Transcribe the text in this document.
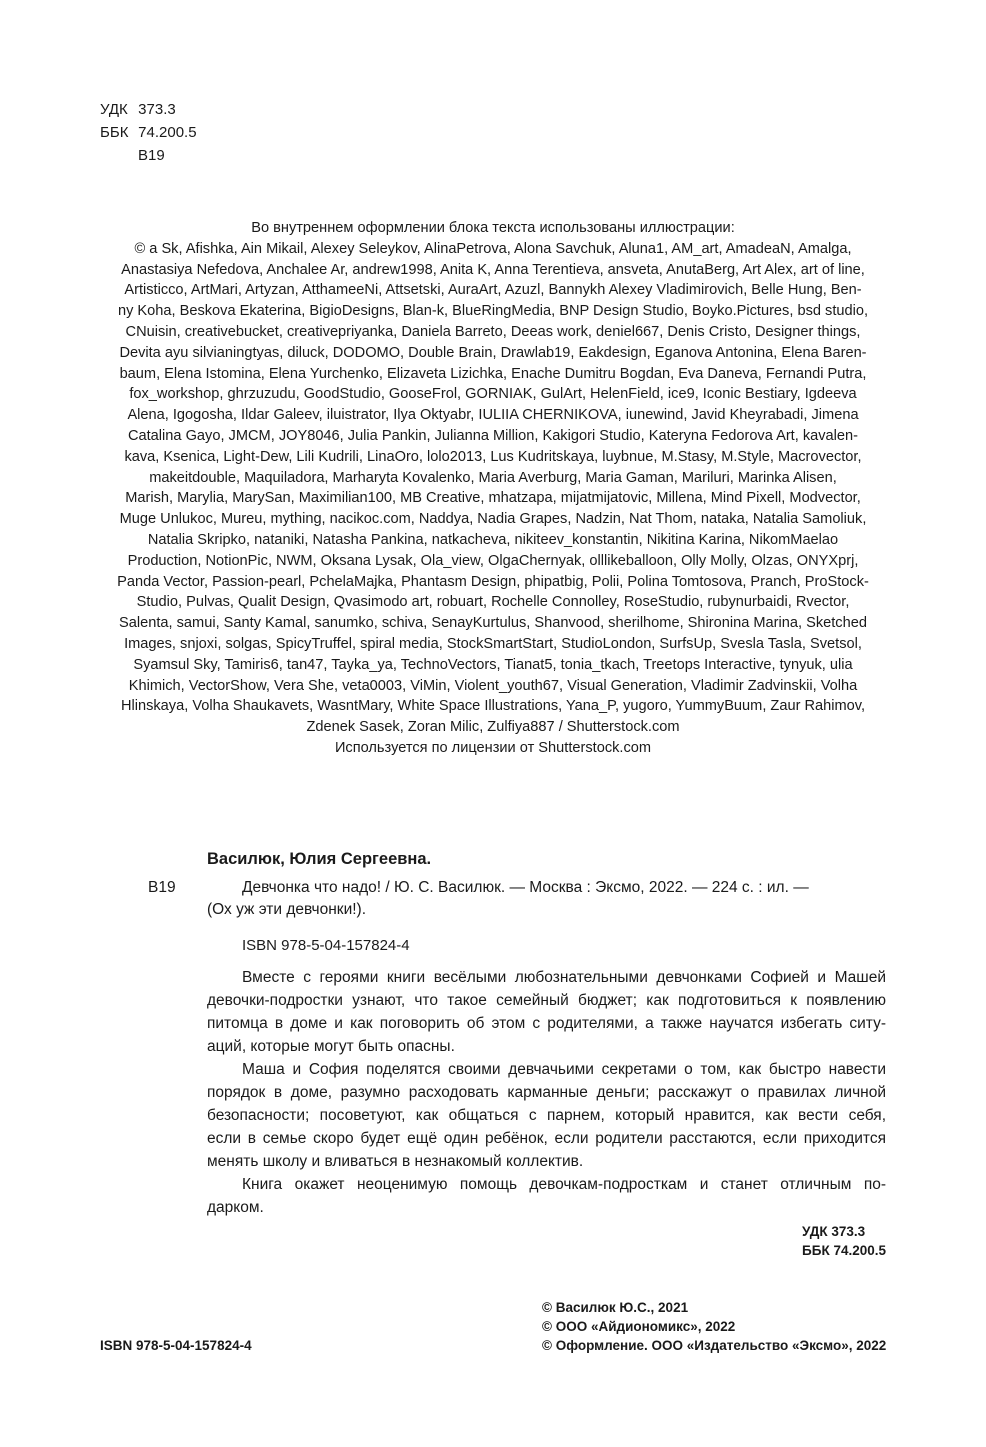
УДК 373.3
ББК 74.200.5
В19
Во внутреннем оформлении блока текста использованы иллюстрации:
© a Sk, Afishka, Ain Mikail, Alexey Seleykov, AlinaPetrova, Alona Savchuk, Aluna1, AM_art, AmadeaN, Amalga,
Anastasiya Nefedova, Anchalee Ar, andrew1998, Anita K, Anna Terentieva, ansveta, AnutaBerg, Art Alex, art of line,
Artisticco, ArtMari, Artyzan, AtthameeNi, Attsetski, AuraArt, Azuzl, Bannykh Alexey Vladimirovich, Belle Hung, Ben-
ny Koha, Beskova Ekaterina, BigioDesigns, Blan-k, BlueRingMedia, BNP Design Studio, Boyko.Pictures, bsd studio,
CNuisin, creativebucket, creativepriyanka, Daniela Barreto, Deeas work, deniel667, Denis Cristo, Designer things,
Devita ayu silvianingtyas, diluck, DODOMO, Double Brain, Drawlab19, Eakdesign, Eganova Antonina, Elena Baren-
baum, Elena Istomina, Elena Yurchenko, Elizaveta Lizichka, Enache Dumitru Bogdan, Eva Daneva, Fernandi Putra,
fox_workshop, ghrzuzudu, GoodStudio, GooseFrol, GORNIAK, GulArt, HelenField, ice9, Iconic Bestiary, Igdeeva
Alena, Igogosha, Ildar Galeev, iluistrator, Ilya Oktyabr, IULIIA CHERNIKOVA, iunewind, Javid Kheyrabadi, Jimena
Catalina Gayo, JMCM, JOY8046, Julia Pankin, Julianna Million, Kakigori Studio, Kateryna Fedorova Art, kavalen-
kava, Ksenica, Light-Dew, Lili Kudrili, LinaOro, lolo2013, Lus Kudritskaya, luybnue, M.Stasy, M.Style, Macrovector,
makeitdouble, Maquiladora, Marharyta Kovalenko, Maria Averburg, Maria Gaman, Mariluri, Marinka Alisen,
Marish, Marylia, MarySan, Maximilian100, MB Creative, mhatzapa, mijatmijatovic, Millena, Mind Pixell, Modvector,
Muge Unlukoc, Mureu, mything, nacikoc.com, Naddya, Nadia Grapes, Nadzin, Nat Thom, nataka, Natalia Samoliuk,
Natalia Skripko, nataniki, Natasha Pankina, natkacheva, nikiteev_konstantin, Nikitina Karina, NikomMaelao
Production, NotionPic, NWM, Oksana Lysak, Ola_view, OlgaChernyak, olllikeballoon, Olly Molly, Olzas, ONYXprj,
Panda Vector, Passion-pearl, PchelaMajka, Phantasm Design, phipatbig, Polii, Polina Tomtosova, Pranch, ProStock-
Studio, Pulvas, Qualit Design, Qvasimodo art, robuart, Rochelle Connolley, RoseStudio, rubynurbaidi, Rvector,
Salenta, samui, Santy Kamal, sanumko, schiva, SenayKurtulus, Shanvood, sherilhome, Shironina Marina, Sketched
Images, snjoxi, solgas, SpicyTruffel, spiral media, StockSmartStart, StudioLondon, SurfsUp, Svesla Tasla, Svetsol,
Syamsul Sky, Tamiris6, tan47, Tayka_ya, TechnoVectors, Tianat5, tonia_tkach, Treetops Interactive, tynyuk, ulia
Khimich, VectorShow, Vera She, veta0003, ViMin, Violent_youth67, Visual Generation, Vladimir Zadvinskii, Volha
Hlinskaya, Volha Shaukavets, WasntMary, White Space Illustrations, Yana_P, yugoro, YummyBuum, Zaur Rahimov,
Zdenek Sasek, Zoran Milic, Zulfiya887 / Shutterstock.com
Используется по лицензии от Shutterstock.com
Василюк, Юлия Сергеевна.
В19	Девчонка что надо! / Ю. С. Василюк. — Москва : Эксмо, 2022. — 224 с. : ил. —
(Ох уж эти девчонки!).
ISBN 978-5-04-157824-4
Вместе с героями книги весёлыми любознательными девчонками Софией и Машей
девочки-подростки узнают, что такое семейный бюджет; как подготовиться к появлению
питомца в доме и как поговорить об этом с родителями, а также научатся избегать ситу-
аций, которые могут быть опасны.
Маша и София поделятся своими девчачьими секретами о том, как быстро навести
порядок в доме, разумно расходовать карманные деньги; расскажут о правилах личной
безопасности; посоветуют, как общаться с парнем, который нравится, как вести себя,
если в семье скоро будет ещё один ребёнок, если родители расстаются, если приходится
менять школу и вливаться в незнакомый коллектив.
Книга окажет неоценимую помощь девочкам-подросткам и станет отличным по-
дарком.
УДК 373.3
ББК 74.200.5
ISBN 978-5-04-157824-4
© Василюк Ю.С., 2021
© ООО «Айдиономикс», 2022
© Оформление. ООО «Издательство «Эксмо», 2022
